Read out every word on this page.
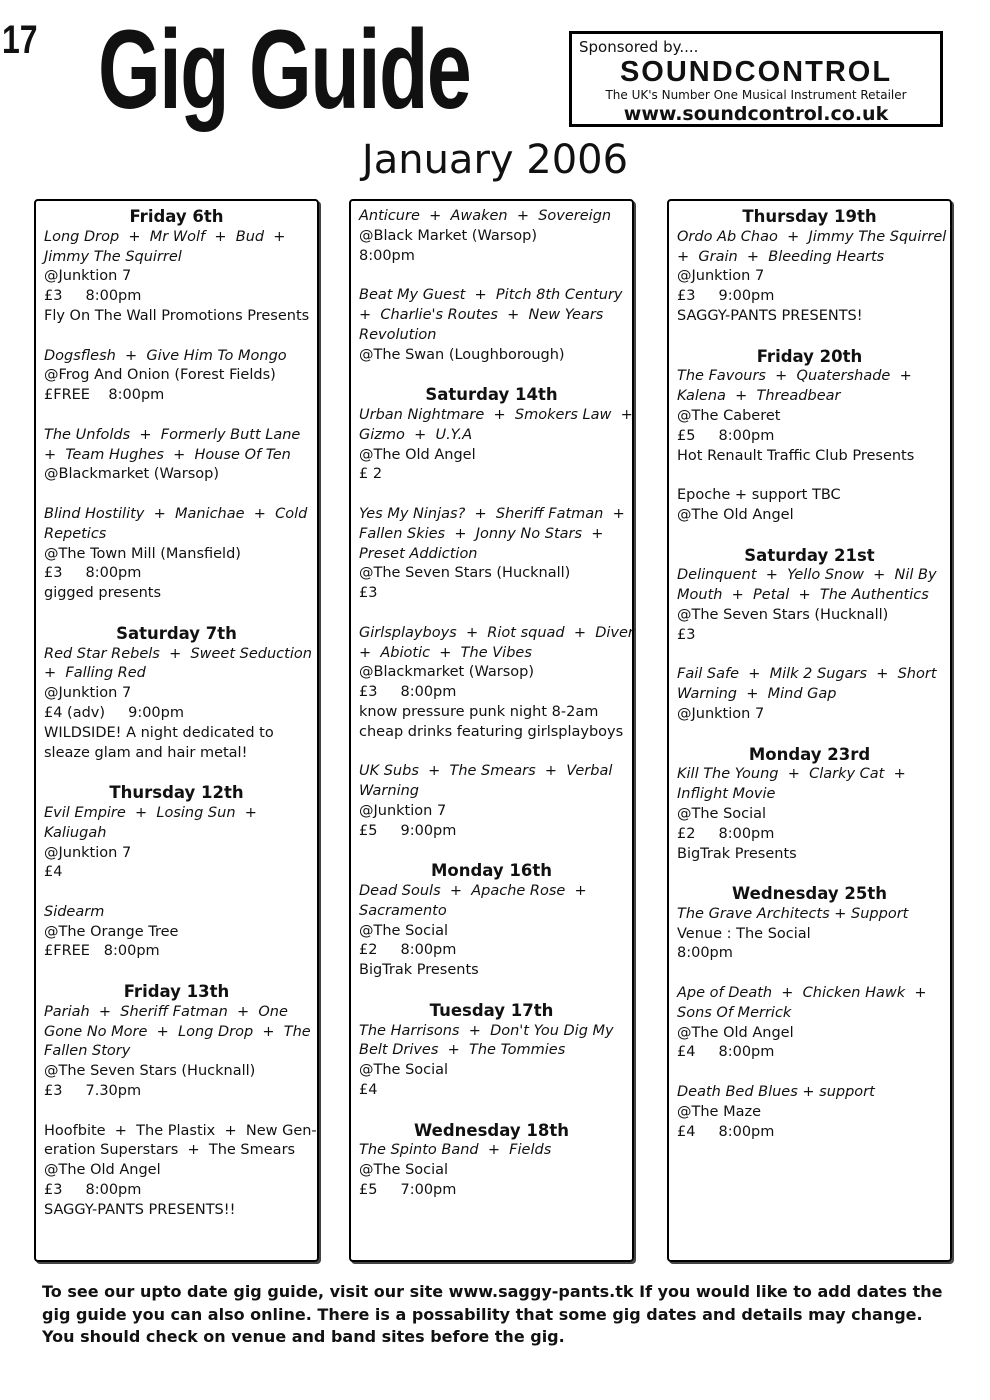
17 Gig Guide	Sponsored by....
SOUNDCONTROL
The UK's Number One Musical Instrument Retailer
www.soundcontrol.co.uk
January 2006
Friday 6th
Long Drop  +  Mr Wolf  +  Bud  +
Jimmy The Squirrel
@Junktion 7
£3     8:00pm
Fly On The Wall Promotions Presents
Dogsflesh  +  Give Him To Mongo
@Frog And Onion (Forest Fields)
£FREE    8:00pm
The Unfolds  +  Formerly Butt Lane
+  Team Hughes  +  House Of Ten
@Blackmarket (Warsop)
Blind Hostility  +  Manichae  +  Cold
Repetics
@The Town Mill (Mansfield)
£3     8:00pm
gigged presents
Saturday 7th
Red Star Rebels  +  Sweet Seduction
+  Falling Red
@Junktion 7
£4 (adv)     9:00pm
WILDSIDE! A night dedicated to
sleaze glam and hair metal!
Thursday 12th
Evil Empire  +  Losing Sun  +
Kaliugah
@Junktion 7
£4
Sidearm
@The Orange Tree
£FREE   8:00pm
Friday 13th
Pariah  +  Sheriff Fatman  +  One
Gone No More  +  Long Drop  +  The
Fallen Story
@The Seven Stars (Hucknall)
£3     7.30pm
Hoofbite  +  The Plastix  +  New Gen-
eration Superstars  +  The Smears
@The Old Angel
£3     8:00pm
SAGGY-PANTS PRESENTS!!
Anticure  +  Awaken  +  Sovereign
@Black Market (Warsop)
8:00pm
Beat My Guest  +  Pitch 8th Century
+  Charlie's Routes  +  New Years
Revolution
@The Swan (Loughborough)
Saturday 14th
Urban Nightmare  +  Smokers Law  +
Gizmo  +  U.Y.A
@The Old Angel
£ 2
Yes My Ninjas?  +  Sheriff Fatman  +
Fallen Skies  +  Jonny No Stars  +
Preset Addiction
@The Seven Stars (Hucknall)
£3
Girlsplayboys  +  Riot squad  +  Diver
+  Abiotic  +  The Vibes
@Blackmarket (Warsop)
£3     8:00pm
know pressure punk night 8-2am
cheap drinks featuring girlsplayboys
UK Subs  +  The Smears  +  Verbal
Warning
@Junktion 7
£5     9:00pm
Monday 16th
Dead Souls  +  Apache Rose  +
Sacramento
@The Social
£2     8:00pm
BigTrak Presents
Tuesday 17th
The Harrisons  +  Don't You Dig My
Belt Drives  +  The Tommies
@The Social
£4
Wednesday 18th
The Spinto Band  +  Fields
@The Social
£5     7:00pm
Thursday 19th
Ordo Ab Chao  +  Jimmy The Squirrel
+  Grain  +  Bleeding Hearts
@Junktion 7
£3     9:00pm
SAGGY-PANTS PRESENTS!
Friday 20th
The Favours  +  Quatershade  +
Kalena  +  Threadbear
@The Caberet
£5     8:00pm
Hot Renault Traffic Club Presents
Epoche + support TBC
@The Old Angel
Saturday 21st
Delinquent  +  Yello Snow  +  Nil By
Mouth  +  Petal  +  The Authentics
@The Seven Stars (Hucknall)
£3
Fail Safe  +  Milk 2 Sugars  +  Short
Warning  +  Mind Gap
@Junktion 7
Monday 23rd
Kill The Young  +  Clarky Cat  +
Inflight Movie
@The Social
£2     8:00pm
BigTrak Presents
Wednesday 25th
The Grave Architects + Support
Venue : The Social
8:00pm
Ape of Death  +  Chicken Hawk  +
Sons Of Merrick
@The Old Angel
£4     8:00pm
Death Bed Blues + support
@The Maze
£4     8:00pm
To see our upto date gig guide, visit our site www.saggy-pants.tk If you would like to add dates the gig guide you can also online. There is a possability that some gig dates and details may change. You should check on venue and band sites before the gig.
